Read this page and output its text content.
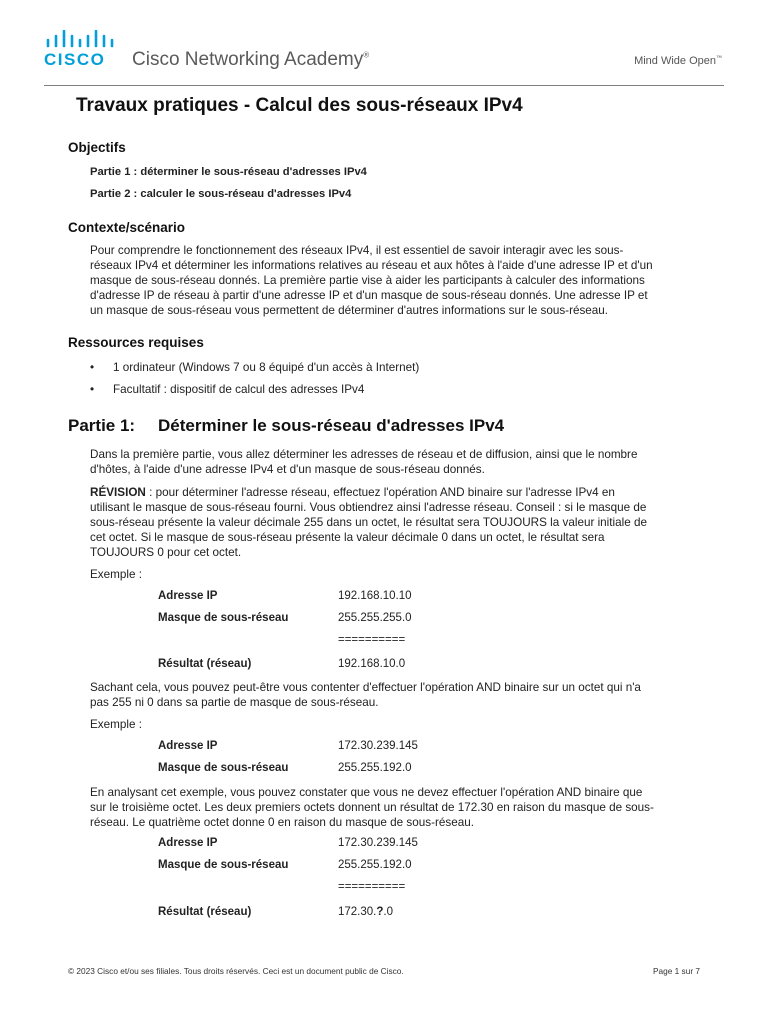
CISCO Cisco Networking Academy®	Mind Wide Open™
Travaux pratiques - Calcul des sous-réseaux IPv4
Objectifs
Partie 1 : déterminer le sous-réseau d'adresses IPv4
Partie 2 : calculer le sous-réseau d'adresses IPv4
Contexte/scénario
Pour comprendre le fonctionnement des réseaux IPv4, il est essentiel de savoir interagir avec les sous-
réseaux IPv4 et déterminer les informations relatives au réseau et aux hôtes à l'aide d'une adresse IP et d'un
masque de sous-réseau donnés. La première partie vise à aider les participants à calculer des informations
d'adresse IP de réseau à partir d'une adresse IP et d'un masque de sous-réseau donnés. Une adresse IP et
un masque de sous-réseau vous permettent de déterminer d'autres informations sur le sous-réseau.
Ressources requises
• 1 ordinateur (Windows 7 ou 8 équipé d'un accès à Internet)
• Facultatif : dispositif de calcul des adresses IPv4
Partie 1: Déterminer le sous-réseau d'adresses IPv4
Dans la première partie, vous allez déterminer les adresses de réseau et de diffusion, ainsi que le nombre
d'hôtes, à l'aide d'une adresse IPv4 et d'un masque de sous-réseau donnés.
RÉVISION : pour déterminer l'adresse réseau, effectuez l'opération AND binaire sur l'adresse IPv4 en
utilisant le masque de sous-réseau fourni. Vous obtiendrez ainsi l'adresse réseau. Conseil : si le masque de
sous-réseau présente la valeur décimale 255 dans un octet, le résultat sera TOUJOURS la valeur initiale de
cet octet. Si le masque de sous-réseau présente la valeur décimale 0 dans un octet, le résultat sera
TOUJOURS 0 pour cet octet.
Exemple :
Adresse IP	192.168.10.10
Masque de sous-réseau	255.255.255.0
==========
Résultat (réseau)	192.168.10.0
Sachant cela, vous pouvez peut-être vous contenter d'effectuer l'opération AND binaire sur un octet qui n'a
pas 255 ni 0 dans sa partie de masque de sous-réseau.
Exemple :
Adresse IP	172.30.239.145
Masque de sous-réseau	255.255.192.0
En analysant cet exemple, vous pouvez constater que vous ne devez effectuer l'opération AND binaire que
sur le troisième octet. Les deux premiers octets donnent un résultat de 172.30 en raison du masque de sous-
réseau. Le quatrième octet donne 0 en raison du masque de sous-réseau.
Adresse IP	172.30.239.145
Masque de sous-réseau	255.255.192.0
==========
Résultat (réseau)	172.30.?.0
© 2023 Cisco et/ou ses filiales. Tous droits réservés. Ceci est un document public de Cisco.	Page 1 sur 7
